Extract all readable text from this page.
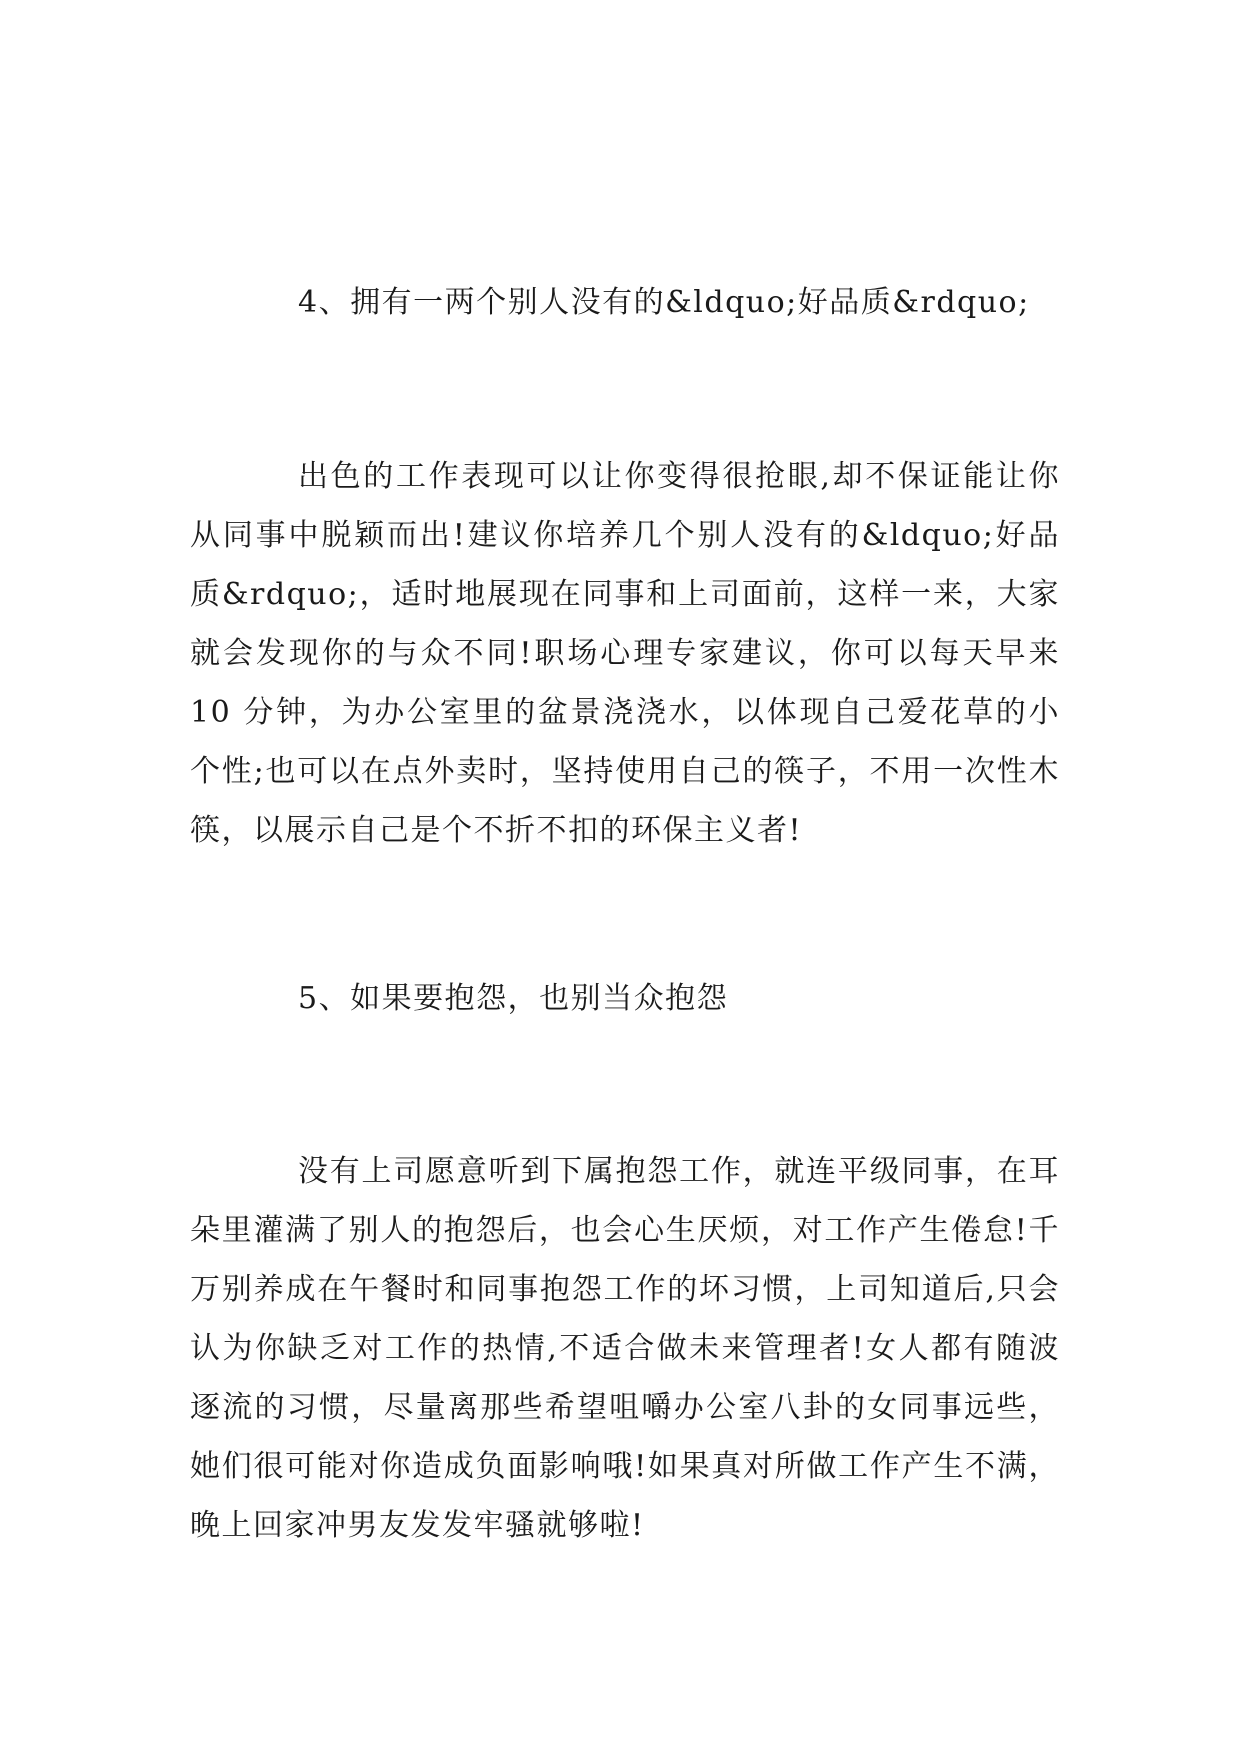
4、拥有一两个别人没有的&ldquo;好品质&rdquo;

出色的工作表现可以让你变得很抢眼,却不保证能让你从同事中脱颖而出!建议你培养几个别人没有的&ldquo;好品质&rdquo;，适时地展现在同事和上司面前，这样一来，大家就会发现你的与众不同!职场心理专家建议，你可以每天早来 10 分钟，为办公室里的盆景浇浇水，以体现自己爱花草的小个性;也可以在点外卖时，坚持使用自己的筷子，不用一次性木筷，以展示自己是个不折不扣的环保主义者!

5、如果要抱怨，也别当众抱怨

没有上司愿意听到下属抱怨工作，就连平级同事，在耳朵里灌满了别人的抱怨后，也会心生厌烦，对工作产生倦怠!千万别养成在午餐时和同事抱怨工作的坏习惯，上司知道后,只会认为你缺乏对工作的热情,不适合做未来管理者!女人都有随波逐流的习惯，尽量离那些希望咀嚼办公室八卦的女同事远些，她们很可能对你造成负面影响哦!如果真对所做工作产生不满，晚上回家冲男友发发牢骚就够啦!
